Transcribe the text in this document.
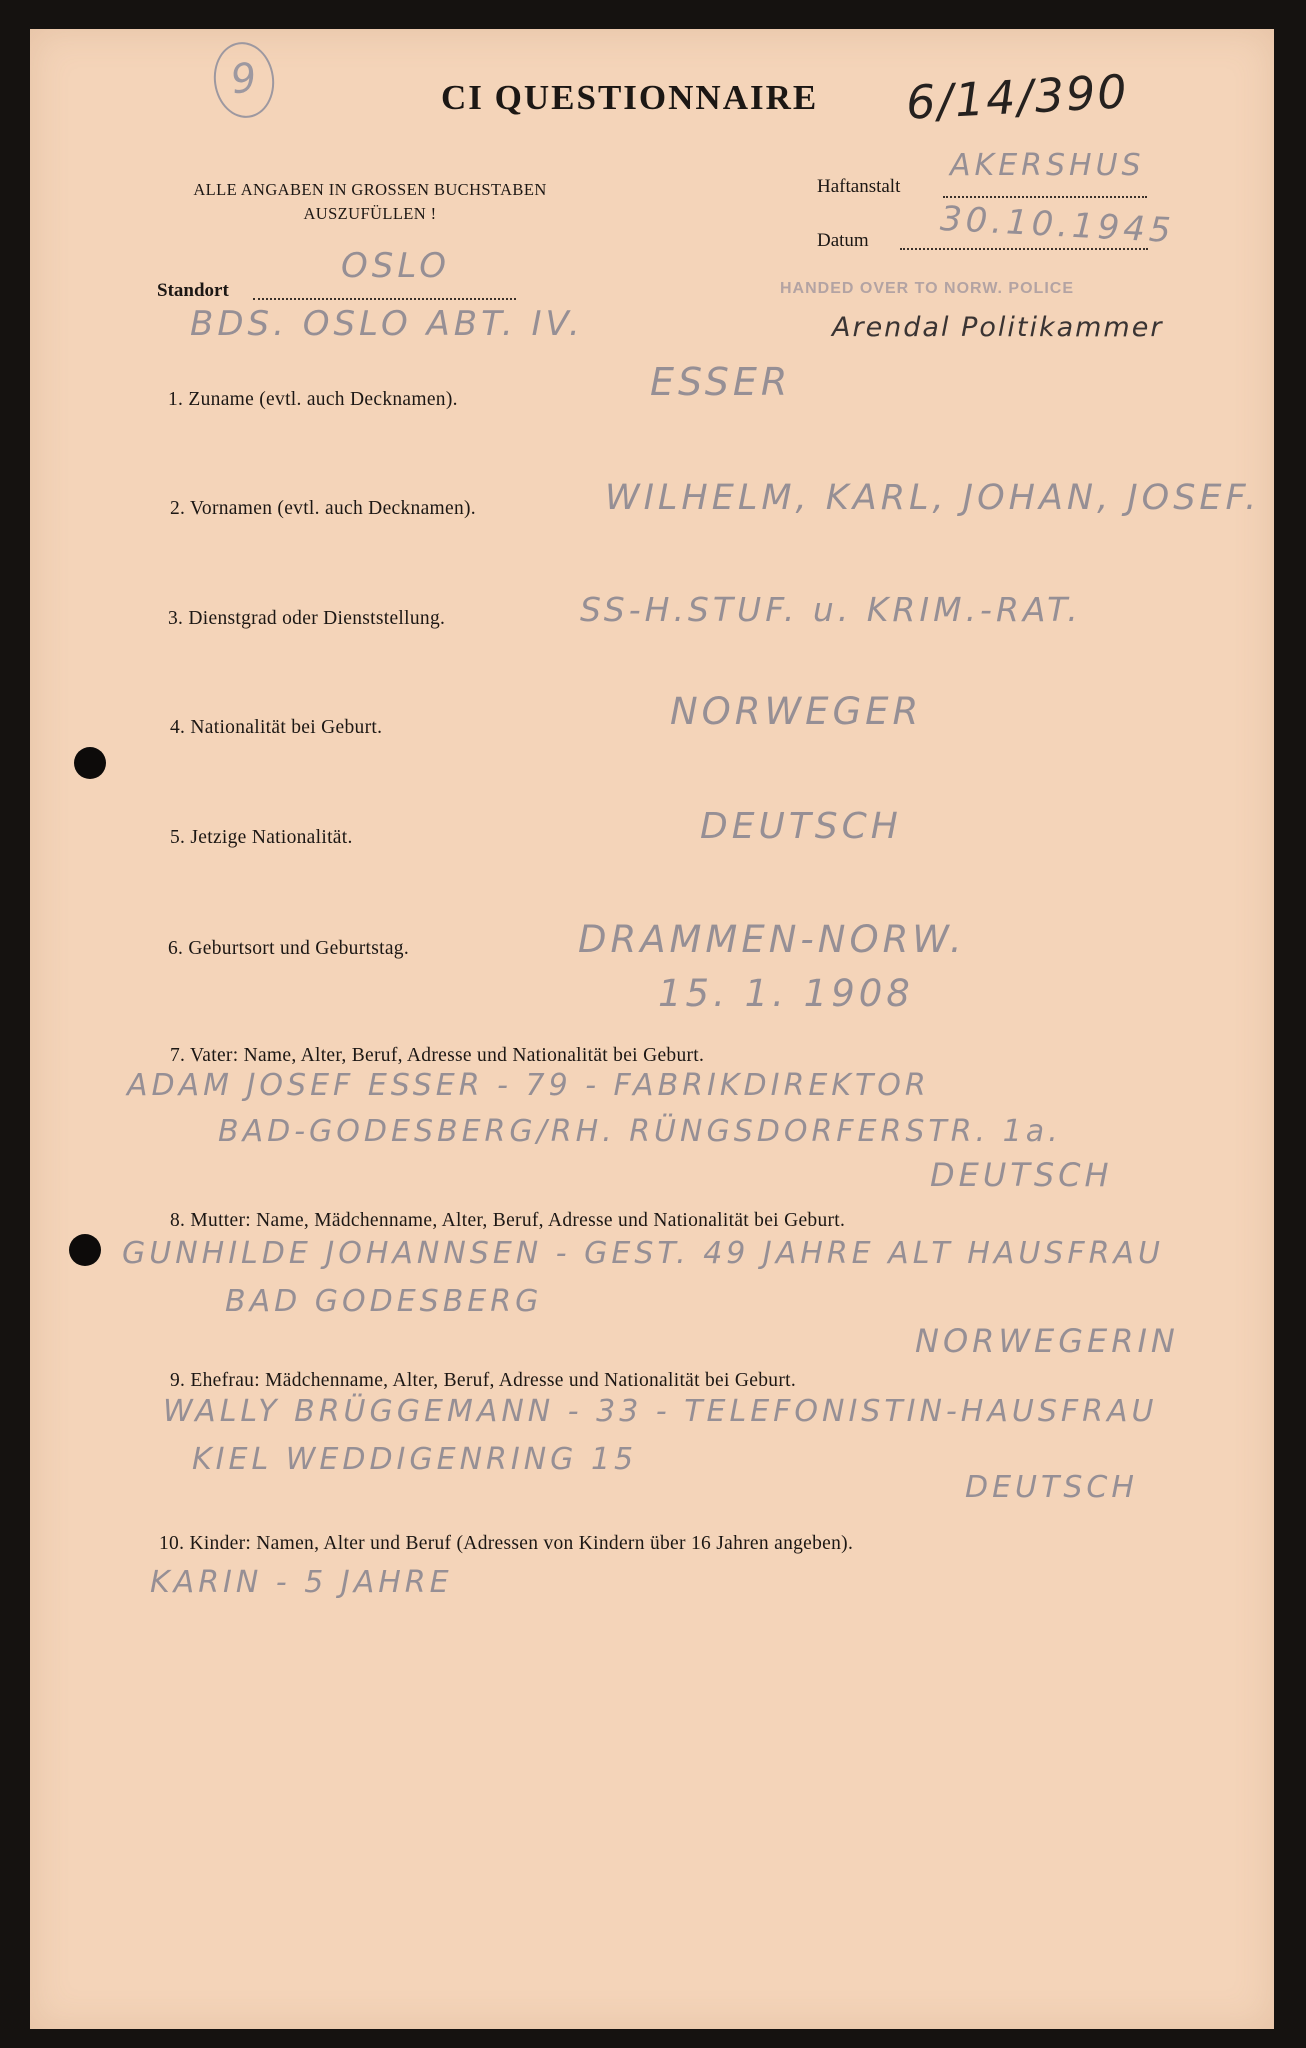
9	CI QUESTIONNAIRE 6/14/390
ALLE ANGABEN IN GROSSEN BUCHSTABEN
AUSZUFÜLLEN !
Haftanstalt
AKERSHUS
Datum 30.10.1945
HANDED OVER TO NORW. POLICE
Arendal Politikammer
Standort
OSLO
BDS. OSLO ABT. IV.
1. Zuname (evtl. auch Decknamen).	ESSER
2. Vornamen (evtl. auch Decknamen).	WILHELM, KARL, JOHAN, JOSEF.
3. Dienstgrad oder Dienststellung.	SS-H.STUF. u. KRIM.-RAT.
4. Nationalität bei Geburt.	NORWEGER
5. Jetzige Nationalität.	DEUTSCH
6. Geburtsort und Geburtstag.	DRAMMEN-NORW.
15. 1. 1908
7. Vater: Name, Alter, Beruf, Adresse und Nationalität bei Geburt.
ADAM JOSEF ESSER - 79 - FABRIKDIREKTOR
BAD-GODESBERG/RH. RÜNGSDORFERSTR. 1a.
DEUTSCH
8. Mutter: Name, Mädchenname, Alter, Beruf, Adresse und Nationalität bei Geburt.
GUNHILDE JOHANNSEN - GEST. 49 JAHRE ALT HAUSFRAU
BAD GODESBERG
NORWEGERIN
9. Ehefrau: Mädchenname, Alter, Beruf, Adresse und Nationalität bei Geburt.
WALLY BRÜGGEMANN - 33 - TELEFONISTIN-HAUSFRAU
KIEL WEDDIGENRING 15
DEUTSCH
10. Kinder: Namen, Alter und Beruf (Adressen von Kindern über 16 Jahren angeben).
KARIN - 5 JAHRE
